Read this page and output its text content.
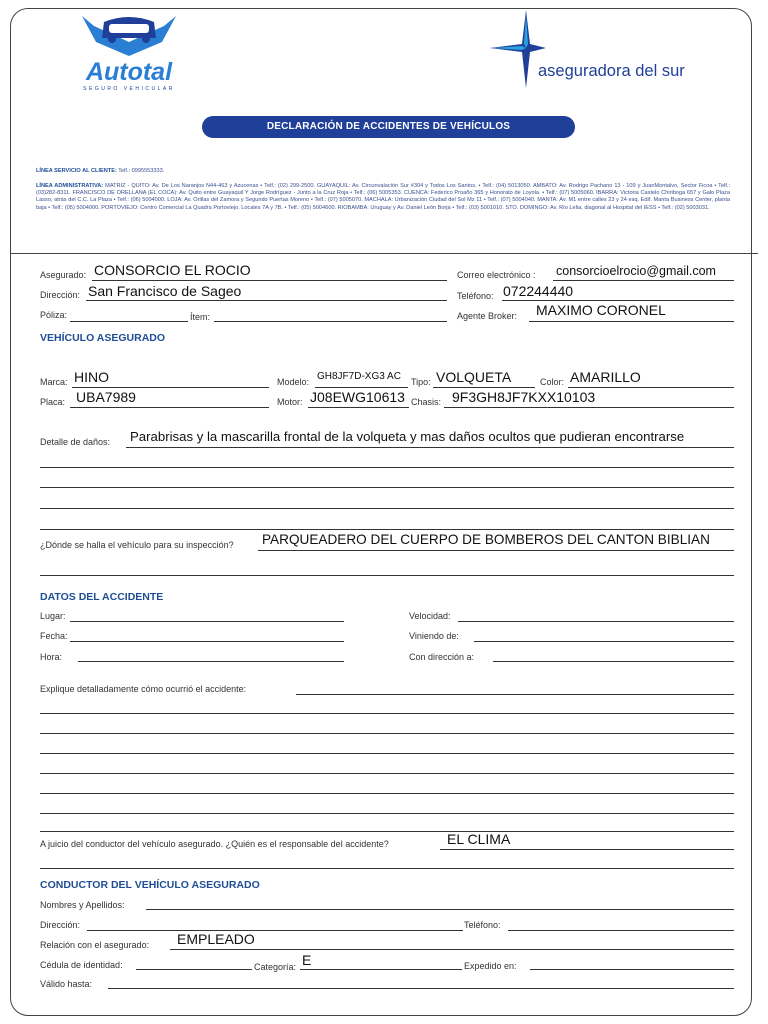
Autotal
SEGURO VEHICULAR
aseguradora del sur
DECLARACIÓN DE ACCIDENTES DE VEHÍCULOS
LÍNEA SERVICIO AL CLIENTE: Telf.: 0995553333.
LÍNEA ADMINISTRATIVA: MATRIZ - QUITO: Av. De Los Naranjos N44-463 y Azucenas • Telf.: (02) 299-2500. GUAYAQUIL: Av. Circunvalación Sur #304 y Todos Los Santos. • Telf.: (04) 5013050. AMBATO: Av. Rodrigo Pachano 13 - 109 y JuanMontalvo, Sector Ficoa • Telf.: (03)282-8311. FRANCISCO DE ORELLANA (EL COCA): Av. Quito entre Guayaquil Y Jorge Rodríguez - Junto a la Cruz Roja • Telf.: (06) 5005353. CUENCA: Federico Proaño 365 y Honorato de Loyola. • Telf.: (07) 5005060. IBARRA: Victoria Castelo Chiriboga 657 y Galo Plaza Lasso, atrás del C.C. La Plaza • Telf.: (06) 5004000. LOJA: Av. Orillas del Zamora y Segundo Puertas Moreno • Telf.: (07) 5005070. MACHALA: Urbanización Ciudad del Sol Mz 11 • Telf.: (07) 5004040. MANTA: Av. M1 entre calles 23 y 24 esq. Edif. Manta Business Center, planta baja • Telf.: (05) 5004000. PORTOVIEJO: Centro Comercial La Quadra Portoviejo. Locales 7A y 7B. • Telf.: (05) 5004600. RIOBAMBA: Uruguay y Av. Daniel León Borja • Telf.: (03) 5001010. STO. DOMINGO: Av. Río Lelia, diagonal al Hospital del IESS • Telf.: (02) 5003031.
Asegurado: CONSORCIO EL ROCIO	Correo electrónico : consorcioelrocio@gmail.com
Dirección: San Francisco de Sageo	Teléfono: 072244440
Póliza:	Ítem:	Agente Broker: MAXIMO CORONEL
VEHÍCULO ASEGURADO
Marca: HINO	Modelo: GH8JF7D-XG3 AC Tipo: VOLQUETA	Color: AMARILLO
Placa: UBA7989	Motor: J08EWG10613 Chasis: 9F3GH8JF7KXX10103
Detalle de daños: Parabrisas y la mascarilla frontal de la volqueta y mas daños ocultos que pudieran encontrarse
¿Dónde se halla el vehículo para su inspección? PARQUEADERO DEL CUERPO DE BOMBEROS DEL CANTON BIBLIAN
DATOS DEL ACCIDENTE
Lugar:	Velocidad:
Fecha:	Viniendo de:
Hora:	Con dirección a:
Explique detalladamente cómo ocurrió el accidente:
A juicio del conductor del vehículo asegurado. ¿Quién es el responsable del accidente?	EL CLIMA
CONDUCTOR DEL VEHÍCULO ASEGURADO
Nombres y Apellidos:
Dirección:	Teléfono:
Relación con el asegurado: EMPLEADO
Cédula de identidad:	Categoría: E	Expedido en:
Válido hasta:
